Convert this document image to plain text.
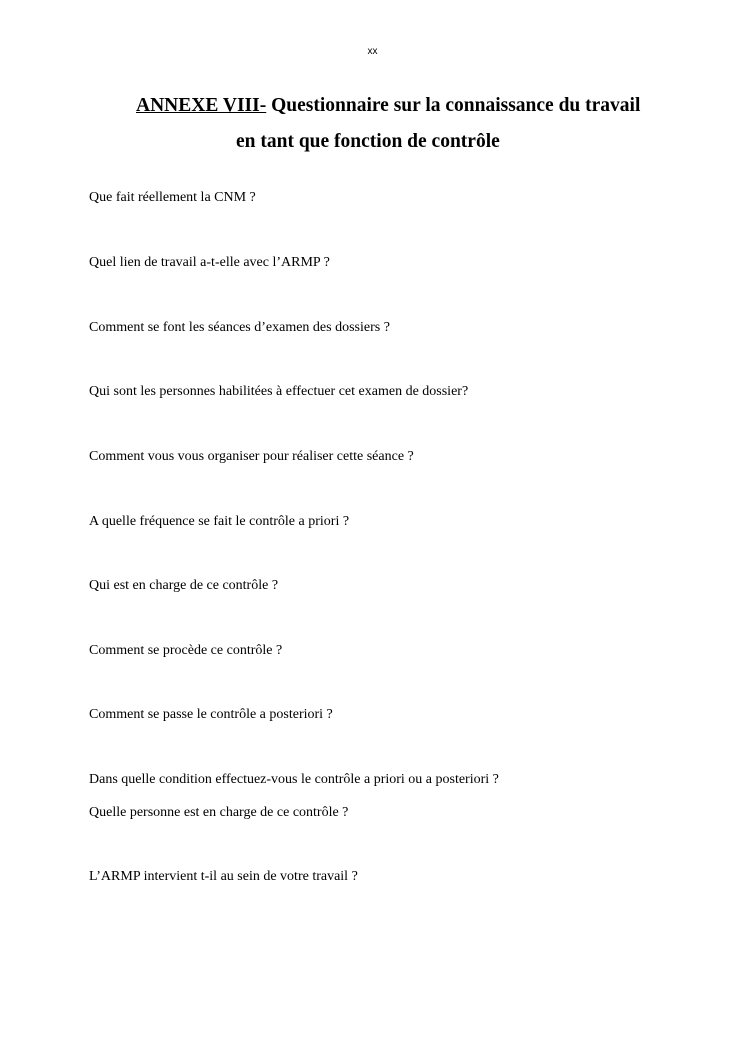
xx
ANNEXE VIII- Questionnaire sur la connaissance du travail
en tant que fonction de contrôle
Que fait réellement la CNM ?
Quel lien de travail a-t-elle avec l’ARMP ?
Comment se font les séances d’examen des dossiers ?
Qui sont les personnes habilitées à effectuer cet examen de dossier?
Comment vous vous organiser pour réaliser cette séance ?
A quelle fréquence se fait le contrôle a priori ?
Qui est en charge de ce contrôle ?
Comment se procède ce contrôle ?
Comment se passe le contrôle a posteriori ?
Dans quelle condition effectuez-vous le contrôle a priori ou a posteriori ?
Quelle personne est en charge de ce contrôle ?
L’ARMP intervient t-il au sein de votre travail ?
